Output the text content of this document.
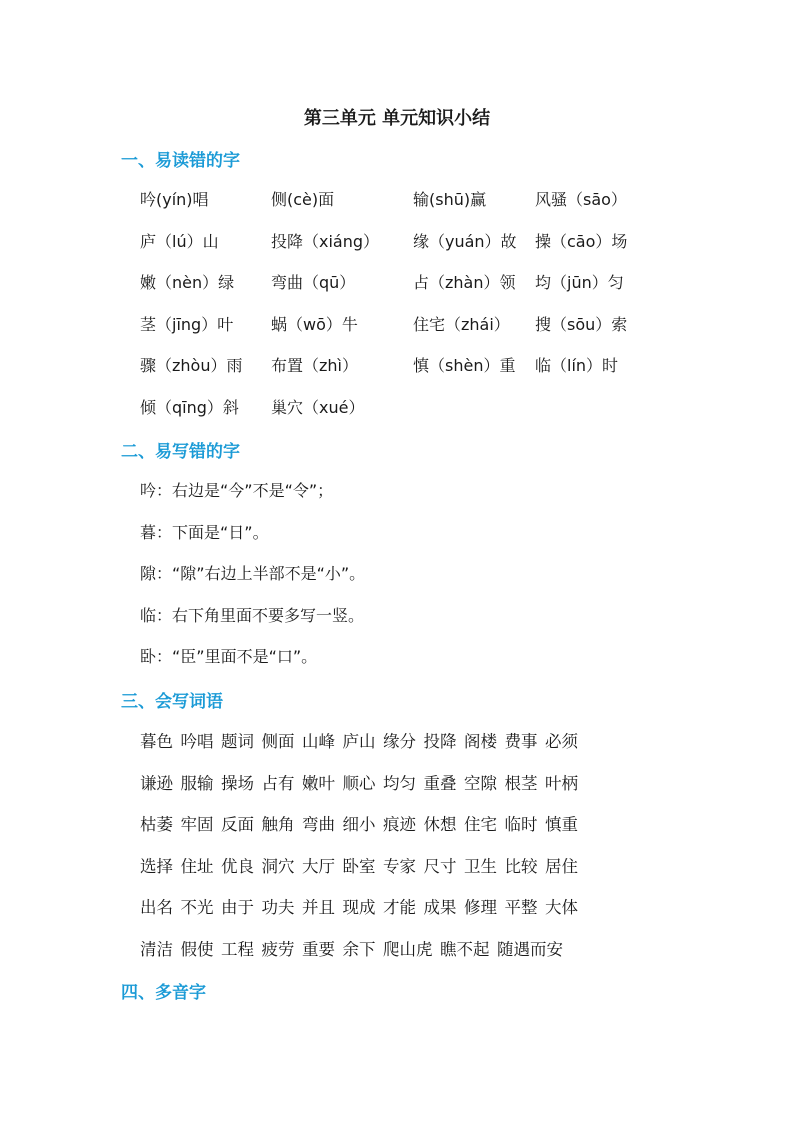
第三单元 单元知识小结
一、易读错的字
吟(yín)唱	侧(cè)面	输(shū)赢	风骚（sāo）
庐（lú）山	投降（xiáng） 缘（yuán）故 操（cāo）场
嫩（nèn）绿 弯曲（qū）	占（zhàn）领 均（jūn）匀
茎（jīng）叶 蜗（wō）牛	住宅（zhái） 搜（sōu）索
骤（zhòu）雨 布置（zhì）	慎（shèn）重 临（lín）时
倾（qīng）斜 巢穴（xué）
二、易写错的字
吟：右边是“今”不是“令”；
暮：下面是“日”。
隙：“隙”右边上半部不是“小”。
临：右下角里面不要多写一竖。
卧：“臣”里面不是“口”。
三、会写词语
暮色 吟唱 题词 侧面 山峰 庐山 缘分 投降 阁楼 费事 必须
谦逊 服输 操场 占有 嫩叶 顺心 均匀 重叠 空隙 根茎 叶柄
枯萎 牢固 反面 触角 弯曲 细小 痕迹 休想 住宅 临时 慎重
选择 住址 优良 洞穴 大厅 卧室 专家 尺寸 卫生 比较 居住
出名 不光 由于 功夫 并且 现成 才能 成果 修理 平整 大体
清洁 假使 工程 疲劳 重要 余下 爬山虎 瞧不起 随遇而安
四、多音字
